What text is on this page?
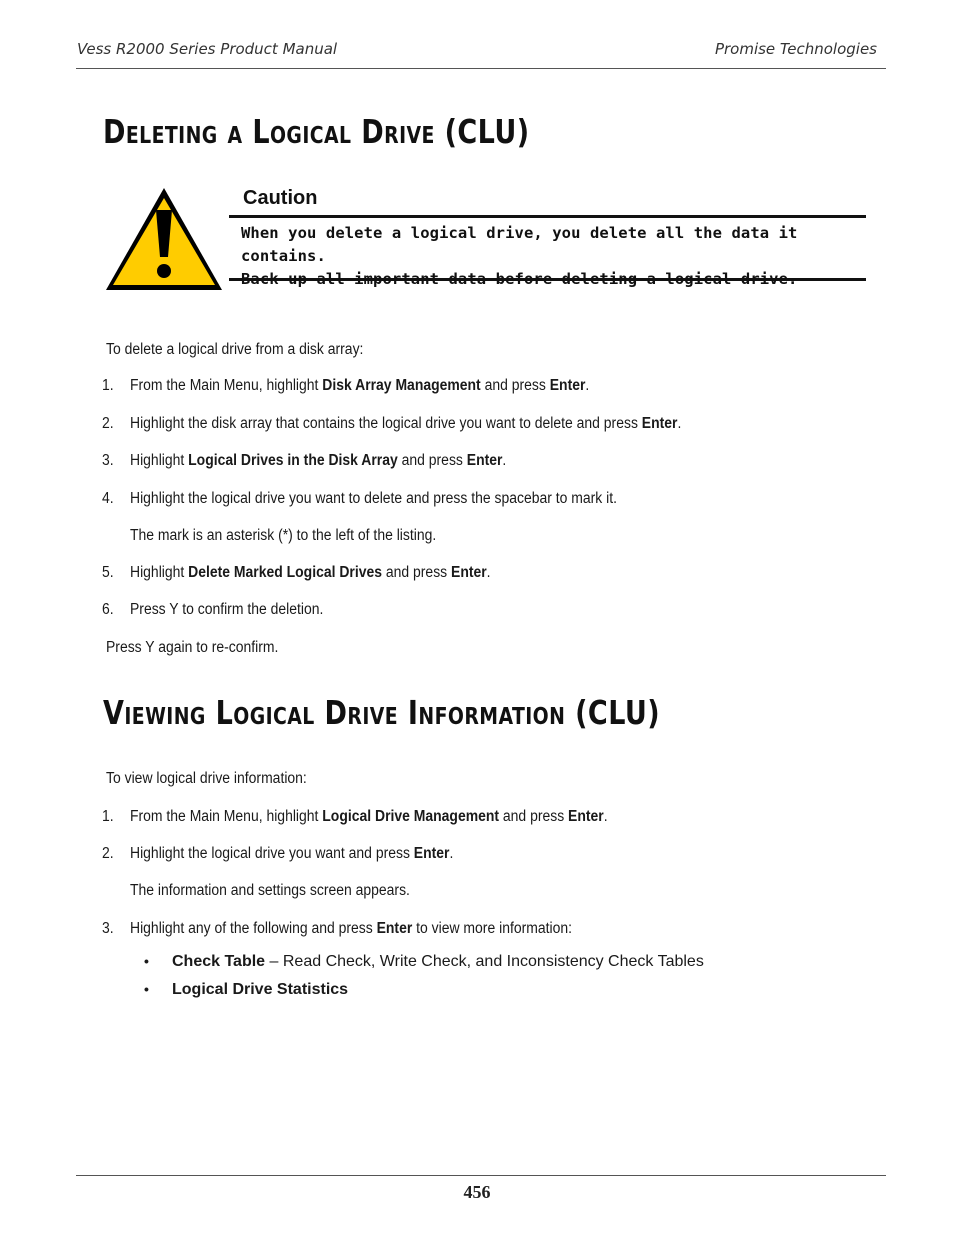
Vess R2000 Series Product Manual	Promise Technologies
Deleting a Logical Drive (CLU)
Caution
When you delete a logical drive, you delete all the data it contains.
Back up all important data before deleting a logical drive.
To delete a logical drive from a disk array:
1. From the Main Menu, highlight Disk Array Management and press Enter.
2. Highlight the disk array that contains the logical drive you want to delete and press Enter.
3. Highlight Logical Drives in the Disk Array and press Enter.
4. Highlight the logical drive you want to delete and press the spacebar to mark it.
The mark is an asterisk (*) to the left of the listing.
5. Highlight Delete Marked Logical Drives and press Enter.
6. Press Y to confirm the deletion.
Press Y again to re-confirm.
Viewing Logical Drive Information (CLU)
To view logical drive information:
1. From the Main Menu, highlight Logical Drive Management and press Enter.
2. Highlight the logical drive you want and press Enter.
The information and settings screen appears.
3. Highlight any of the following and press Enter to view more information:
• Check Table – Read Check, Write Check, and Inconsistency Check Tables
• Logical Drive Statistics
456
